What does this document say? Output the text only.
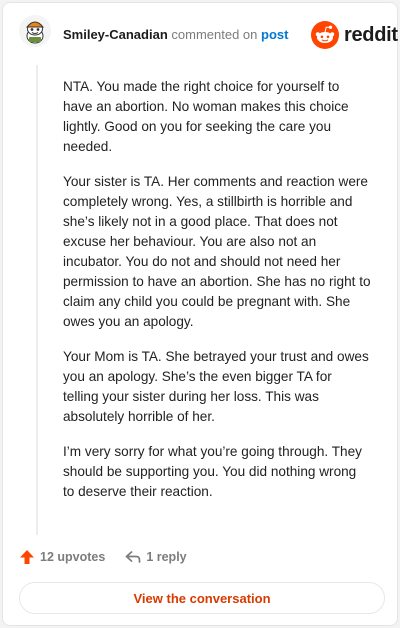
Smiley-Canadian commented on post	reddit

NTA. You made the right choice for yourself to have an abortion. No woman makes this choice lightly. Good on you for seeking the care you needed.

Your sister is TA. Her comments and reaction were completely wrong. Yes, a stillbirth is horrible and she’s likely not in a good place. That does not excuse her behaviour. You are also not an incubator. You do not and should not need her permission to have an abortion. She has no right to claim any child you could be pregnant with. She owes you an apology.

Your Mom is TA. She betrayed your trust and owes you an apology. She’s the even bigger TA for telling your sister during her loss. This was absolutely horrible of her.

I’m very sorry for what you’re going through. They should be supporting you. You did nothing wrong to deserve their reaction.

12 upvotes	1 reply
View the conversation
